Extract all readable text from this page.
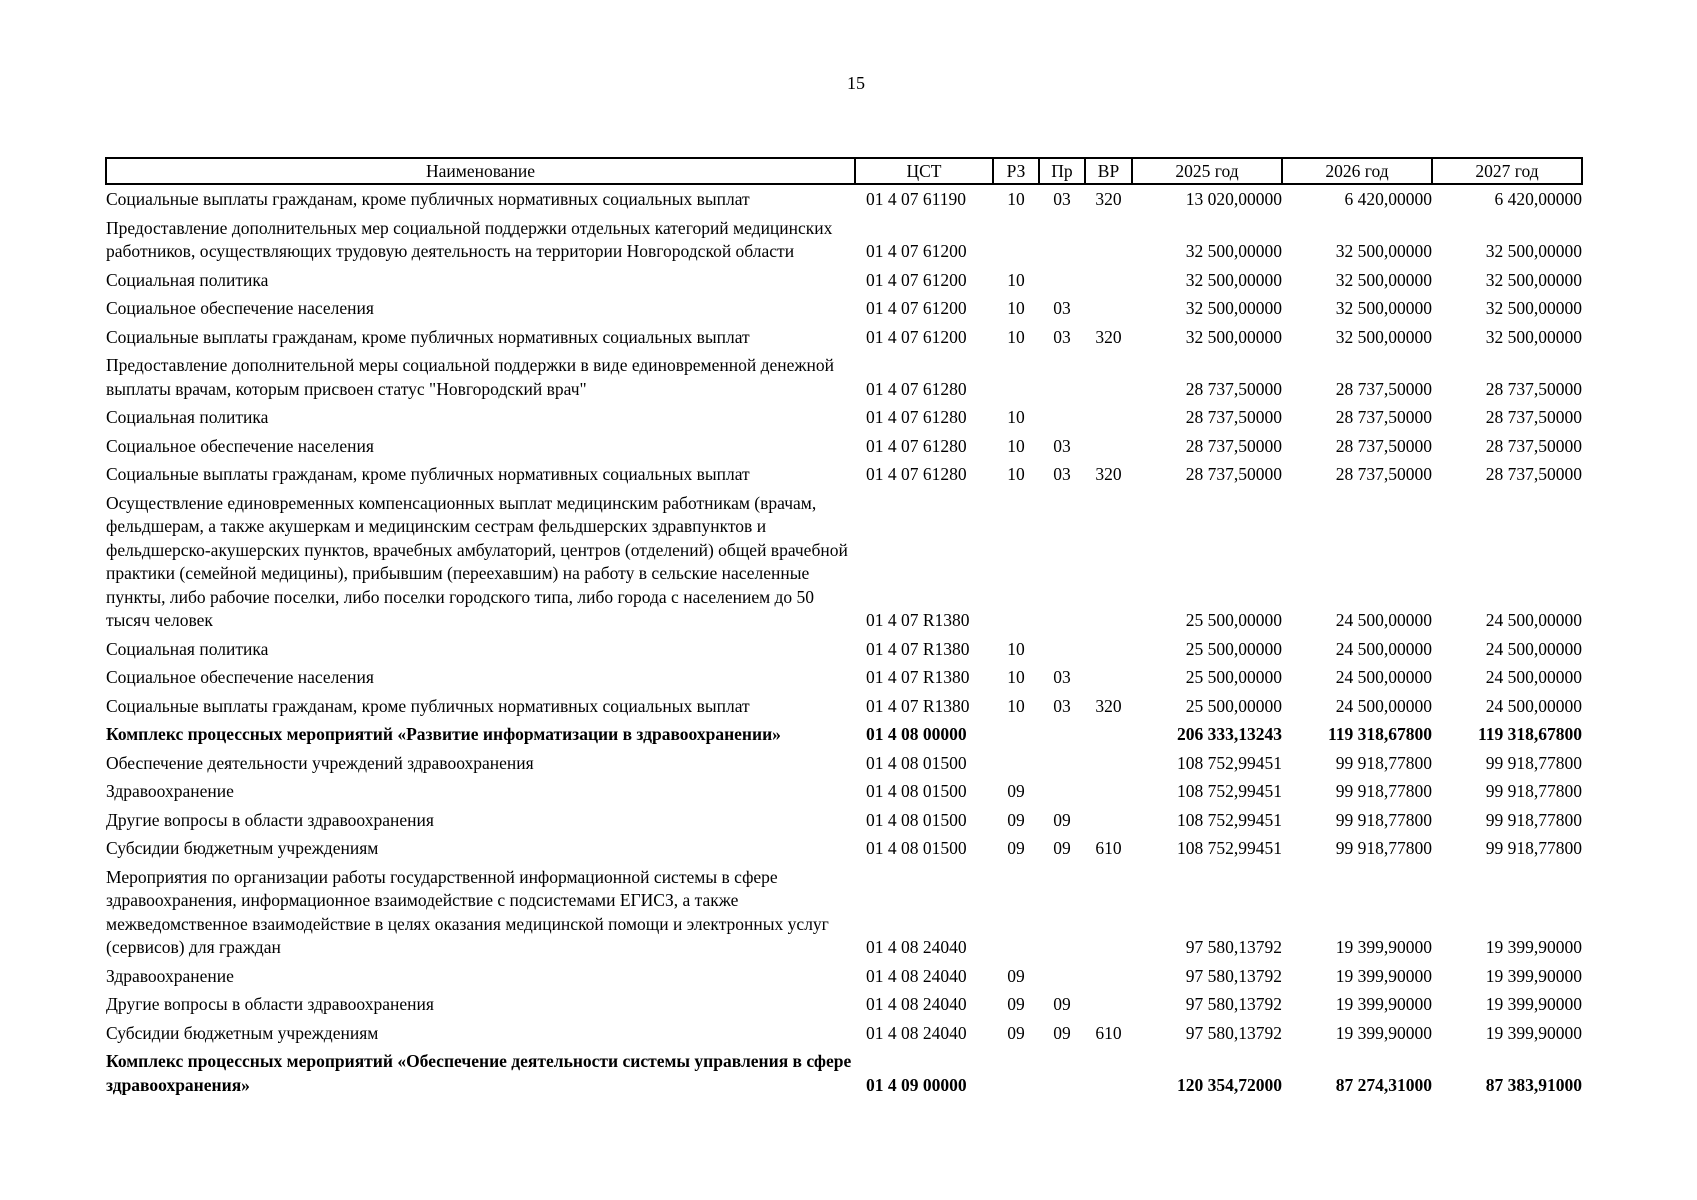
15
Наименование	ЦСТ	РЗ	Пр	ВР	2025 год	2026 год	2027 год
Социальные выплаты гражданам, кроме публичных нормативных социальных выплат	01 4 07 61190	10	03	320	13 020,00000	6 420,00000	6 420,00000
Предоставление дополнительных мер социальной поддержки отдельных категорий медицинских работников, осуществляющих трудовую деятельность на территории Новгородской области	01 4 07 61200				32 500,00000	32 500,00000	32 500,00000
Социальная политика	01 4 07 61200	10			32 500,00000	32 500,00000	32 500,00000
Социальное обеспечение населения	01 4 07 61200	10	03		32 500,00000	32 500,00000	32 500,00000
Социальные выплаты гражданам, кроме публичных нормативных социальных выплат	01 4 07 61200	10	03	320	32 500,00000	32 500,00000	32 500,00000
Предоставление дополнительной меры социальной поддержки в виде единовременной денежной выплаты врачам, которым присвоен статус "Новгородский врач"	01 4 07 61280				28 737,50000	28 737,50000	28 737,50000
Социальная политика	01 4 07 61280	10			28 737,50000	28 737,50000	28 737,50000
Социальное обеспечение населения	01 4 07 61280	10	03		28 737,50000	28 737,50000	28 737,50000
Социальные выплаты гражданам, кроме публичных нормативных социальных выплат	01 4 07 61280	10	03	320	28 737,50000	28 737,50000	28 737,50000
Осуществление единовременных компенсационных выплат медицинским работникам (врачам, фельдшерам, а также акушеркам и медицинским сестрам фельдшерских здравпунктов и фельдшерско-акушерских пунктов, врачебных амбулаторий, центров (отделений) общей врачебной практики (семейной медицины), прибывшим (переехавшим) на работу в сельские населенные пункты, либо рабочие поселки, либо поселки городского типа, либо города с населением до 50 тысяч человек	01 4 07 R1380				25 500,00000	24 500,00000	24 500,00000
Социальная политика	01 4 07 R1380	10			25 500,00000	24 500,00000	24 500,00000
Социальное обеспечение населения	01 4 07 R1380	10	03		25 500,00000	24 500,00000	24 500,00000
Социальные выплаты гражданам, кроме публичных нормативных социальных выплат	01 4 07 R1380	10	03	320	25 500,00000	24 500,00000	24 500,00000
Комплекс процессных мероприятий «Развитие информатизации в здравоохранении»	01 4 08 00000				206 333,13243	119 318,67800	119 318,67800
Обеспечение деятельности учреждений здравоохранения	01 4 08 01500				108 752,99451	99 918,77800	99 918,77800
Здравоохранение	01 4 08 01500	09			108 752,99451	99 918,77800	99 918,77800
Другие вопросы в области здравоохранения	01 4 08 01500	09	09		108 752,99451	99 918,77800	99 918,77800
Субсидии бюджетным учреждениям	01 4 08 01500	09	09	610	108 752,99451	99 918,77800	99 918,77800
Мероприятия по организации работы государственной информационной системы в сфере здравоохранения, информационное взаимодействие с подсистемами ЕГИСЗ, а также межведомственное взаимодействие в целях оказания медицинской помощи и электронных услуг (сервисов) для граждан	01 4 08 24040				97 580,13792	19 399,90000	19 399,90000
Здравоохранение	01 4 08 24040	09			97 580,13792	19 399,90000	19 399,90000
Другие вопросы в области здравоохранения	01 4 08 24040	09	09		97 580,13792	19 399,90000	19 399,90000
Субсидии бюджетным учреждениям	01 4 08 24040	09	09	610	97 580,13792	19 399,90000	19 399,90000
Комплекс процессных мероприятий «Обеспечение деятельности системы управления в сфере здравоохранения»	01 4 09 00000				120 354,72000	87 274,31000	87 383,91000
